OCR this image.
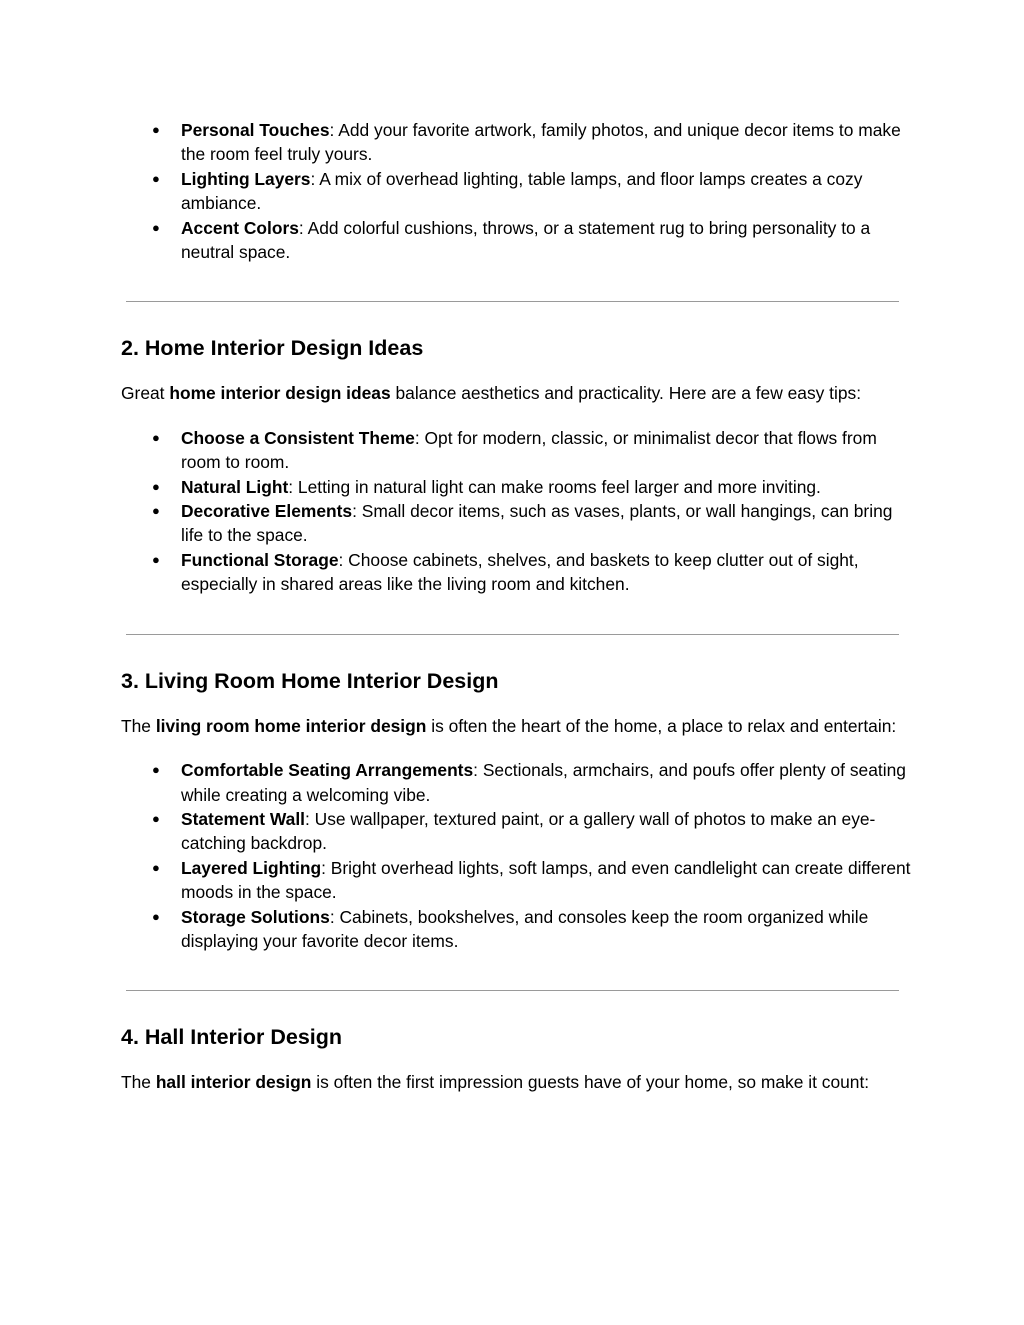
● Personal Touches: Add your favorite artwork, family photos, and unique decor items to make the room feel truly yours.
● Lighting Layers: A mix of overhead lighting, table lamps, and floor lamps creates a cozy ambiance.
● Accent Colors: Add colorful cushions, throws, or a statement rug to bring personality to a neutral space.
2. Home Interior Design Ideas

Great home interior design ideas balance aesthetics and practicality. Here are a few easy tips:

● Choose a Consistent Theme: Opt for modern, classic, or minimalist decor that flows from room to room.
● Natural Light: Letting in natural light can make rooms feel larger and more inviting.
● Decorative Elements: Small decor items, such as vases, plants, or wall hangings, can bring life to the space.
● Functional Storage: Choose cabinets, shelves, and baskets to keep clutter out of sight, especially in shared areas like the living room and kitchen.
3. Living Room Home Interior Design

The living room home interior design is often the heart of the home, a place to relax and entertain:

● Comfortable Seating Arrangements: Sectionals, armchairs, and poufs offer plenty of seating while creating a welcoming vibe.
● Statement Wall: Use wallpaper, textured paint, or a gallery wall of photos to make an eye-catching backdrop.
● Layered Lighting: Bright overhead lights, soft lamps, and even candlelight can create different moods in the space.
● Storage Solutions: Cabinets, bookshelves, and consoles keep the room organized while displaying your favorite decor items.
4. Hall Interior Design

The hall interior design is often the first impression guests have of your home, so make it count:
